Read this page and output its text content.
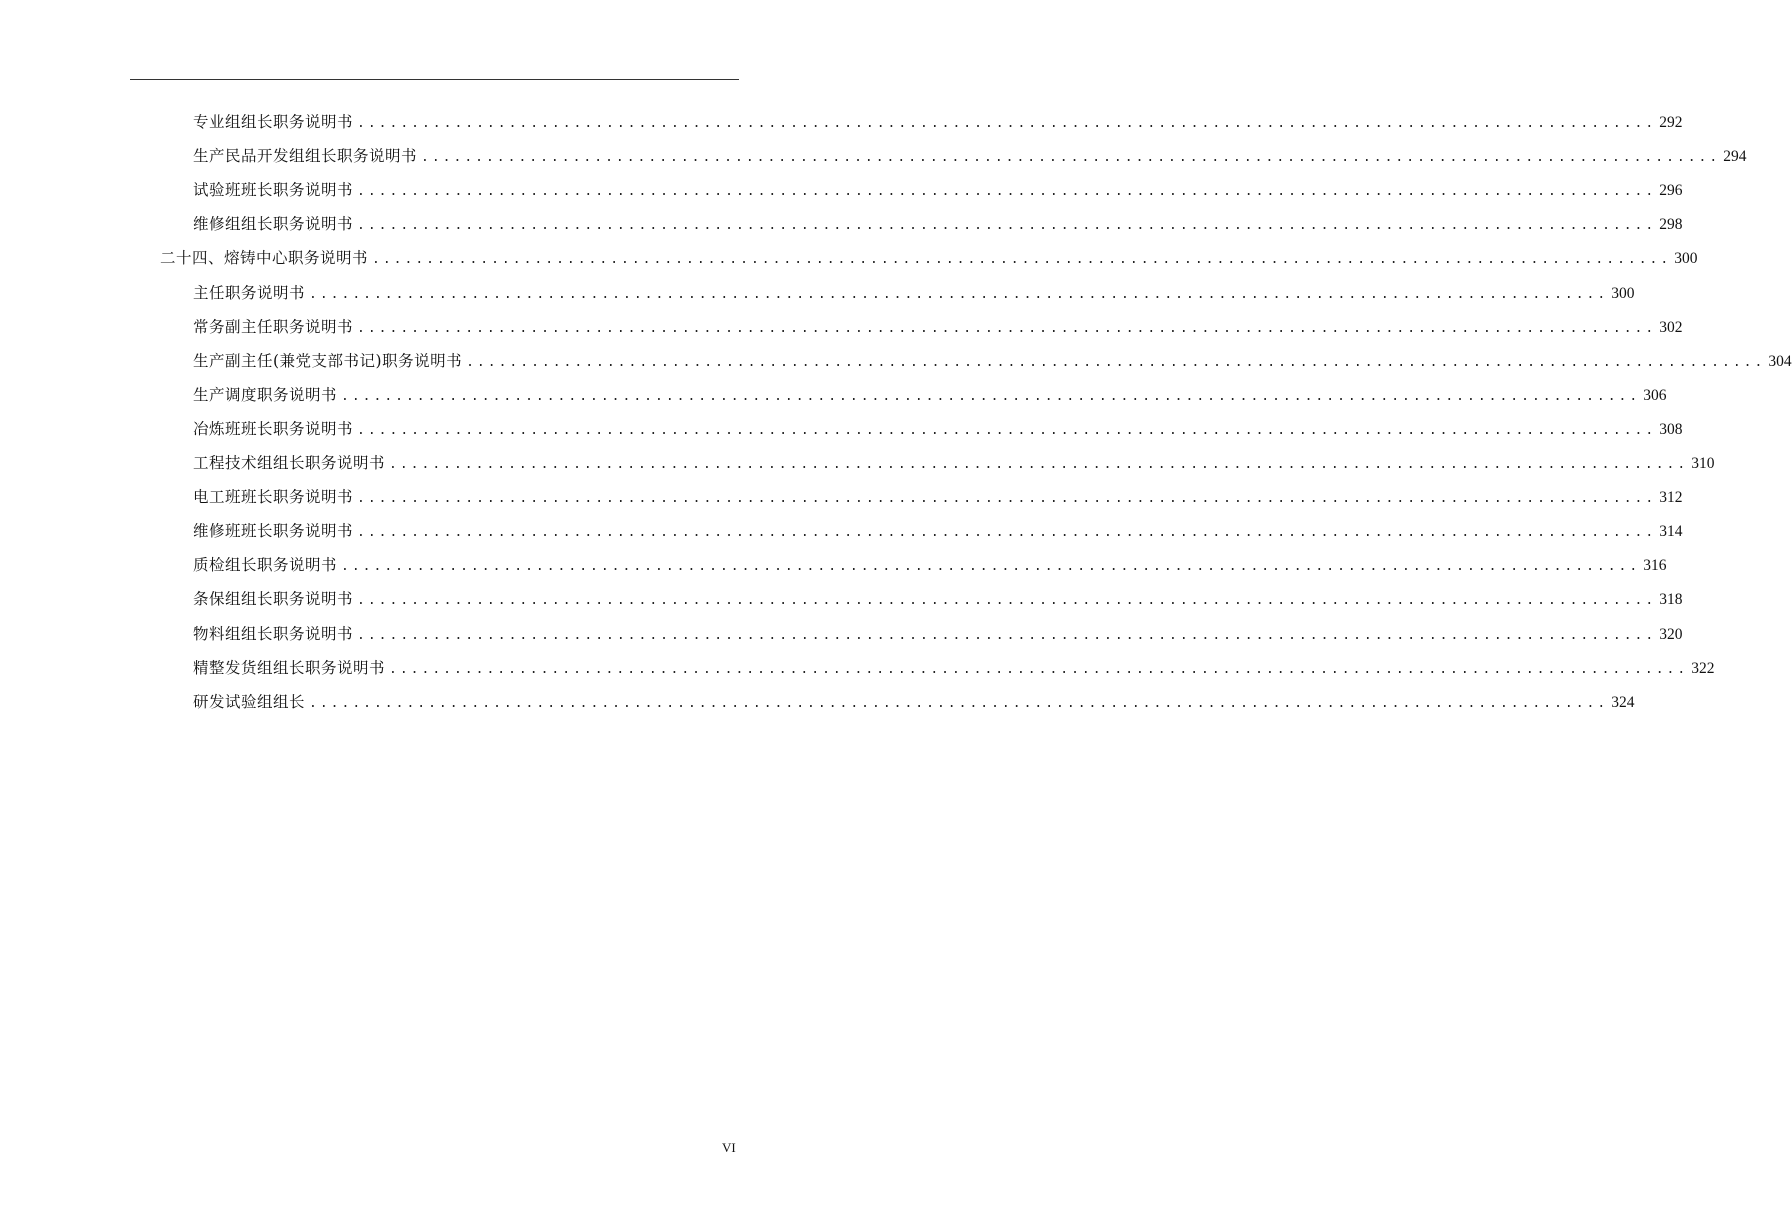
专业组组长职务说明书 ........................................................................................................................ 292
生产民品开发组组长职务说明书 ........................................................................................................................ 294
试验班班长职务说明书 ........................................................................................................................ 296
维修组组长职务说明书 ........................................................................................................................ 298
二十四、熔铸中心职务说明书 ........................................................................................................................ 300
主任职务说明书 ........................................................................................................................ 300
常务副主任职务说明书 ........................................................................................................................ 302
生产副主任(兼党支部书记)职务说明书 ........................................................................................................................ 304
生产调度职务说明书 ........................................................................................................................ 306
冶炼班班长职务说明书 ........................................................................................................................ 308
工程技术组组长职务说明书 ........................................................................................................................ 310
电工班班长职务说明书 ........................................................................................................................ 312
维修班班长职务说明书 ........................................................................................................................ 314
质检组长职务说明书 ........................................................................................................................ 316
条保组组长职务说明书 ........................................................................................................................ 318
物料组组长职务说明书 ........................................................................................................................ 320
精整发货组组长职务说明书 ........................................................................................................................ 322
研发试验组组长 ........................................................................................................................ 324
VI
